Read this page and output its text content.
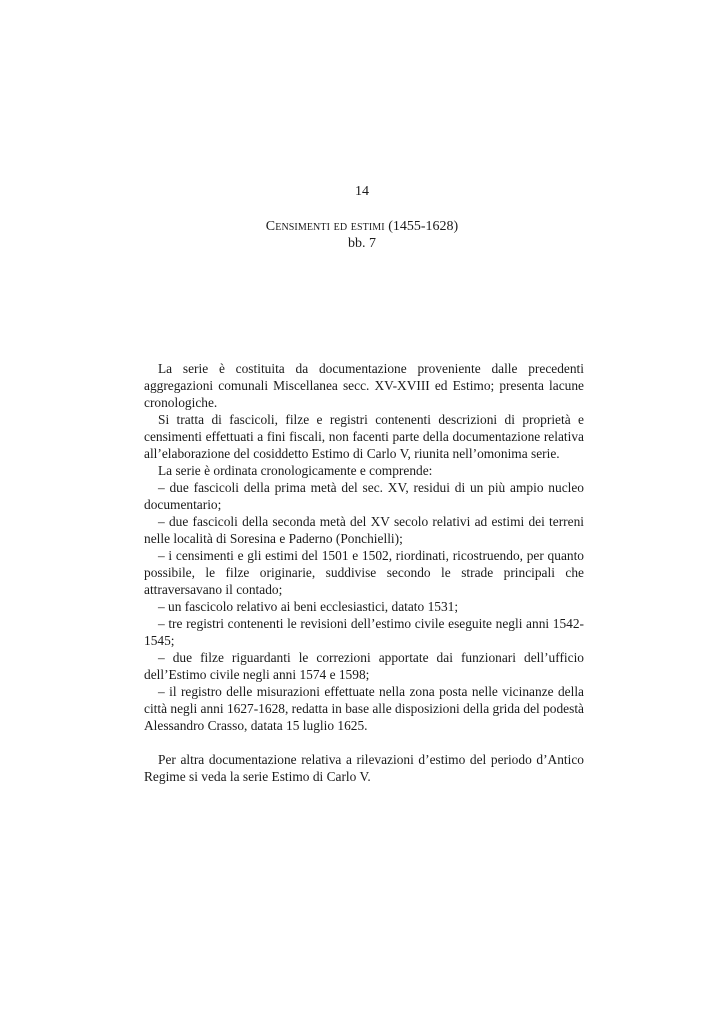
14
Censimenti ed estimi (1455-1628)
bb. 7

La serie è costituita da documentazione proveniente dalle precedenti aggregazioni comunali Miscellanea secc. XV-XVIII ed Estimo; presenta lacune cronologiche.

Si tratta di fascicoli, filze e registri contenenti descrizioni di proprietà e censimenti effettuati a fini fiscali, non facenti parte della documentazione relativa all’elaborazione del cosiddetto Estimo di Carlo V, riunita nell’omonima serie.

La serie è ordinata cronologicamente e comprende:

– due fascicoli della prima metà del sec. XV, residui di un più ampio nucleo documentario;

– due fascicoli della seconda metà del XV secolo relativi ad estimi dei terreni nelle località di Soresina e Paderno (Ponchielli);

– i censimenti e gli estimi del 1501 e 1502, riordinati, ricostruendo, per quanto possibile, le filze originarie, suddivise secondo le strade principali che attraversavano il contado;

– un fascicolo relativo ai beni ecclesiastici, datato 1531;

– tre registri contenenti le revisioni dell’estimo civile eseguite negli anni 1542-1545;

– due filze riguardanti le correzioni apportate dai funzionari dell’ufficio dell’Estimo civile negli anni 1574 e 1598;

– il registro delle misurazioni effettuate nella zona posta nelle vicinanze della città negli anni 1627-1628, redatta in base alle disposizioni della grida del podestà Alessandro Crasso, datata 15 luglio 1625.

Per altra documentazione relativa a rilevazioni d’estimo del periodo d’Antico Regime si veda la serie Estimo di Carlo V.
